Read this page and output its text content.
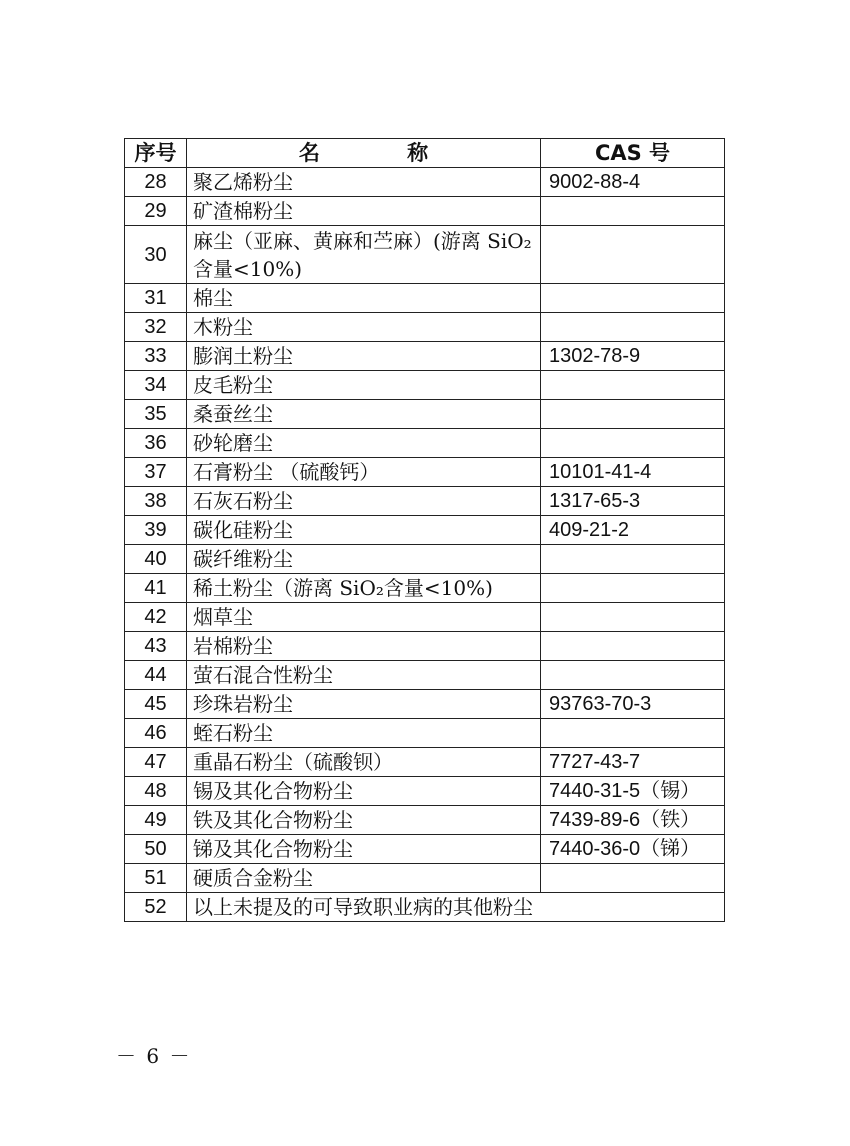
序号	名 称	CAS 号
28	聚乙烯粉尘	9002-88-4
29	矿渣棉粉尘	
30	麻尘（亚麻、黄麻和苎麻）(游离 SiO₂含量<10%)	
31	棉尘	
32	木粉尘	
33	膨润土粉尘	1302-78-9
34	皮毛粉尘	
35	桑蚕丝尘	
36	砂轮磨尘	
37	石膏粉尘 （硫酸钙）	10101-41-4
38	石灰石粉尘	1317-65-3
39	碳化硅粉尘	409-21-2
40	碳纤维粉尘	
41	稀土粉尘（游离 SiO₂含量<10%)	
42	烟草尘	
43	岩棉粉尘	
44	萤石混合性粉尘	
45	珍珠岩粉尘	93763-70-3
46	蛭石粉尘	
47	重晶石粉尘（硫酸钡）	7727-43-7
48	锡及其化合物粉尘	7440-31-5（锡）
49	铁及其化合物粉尘	7439-89-6（铁）
50	锑及其化合物粉尘	7440-36-0（锑）
51	硬质合金粉尘	
52	以上未提及的可导致职业病的其他粉尘	
－ 6 －
